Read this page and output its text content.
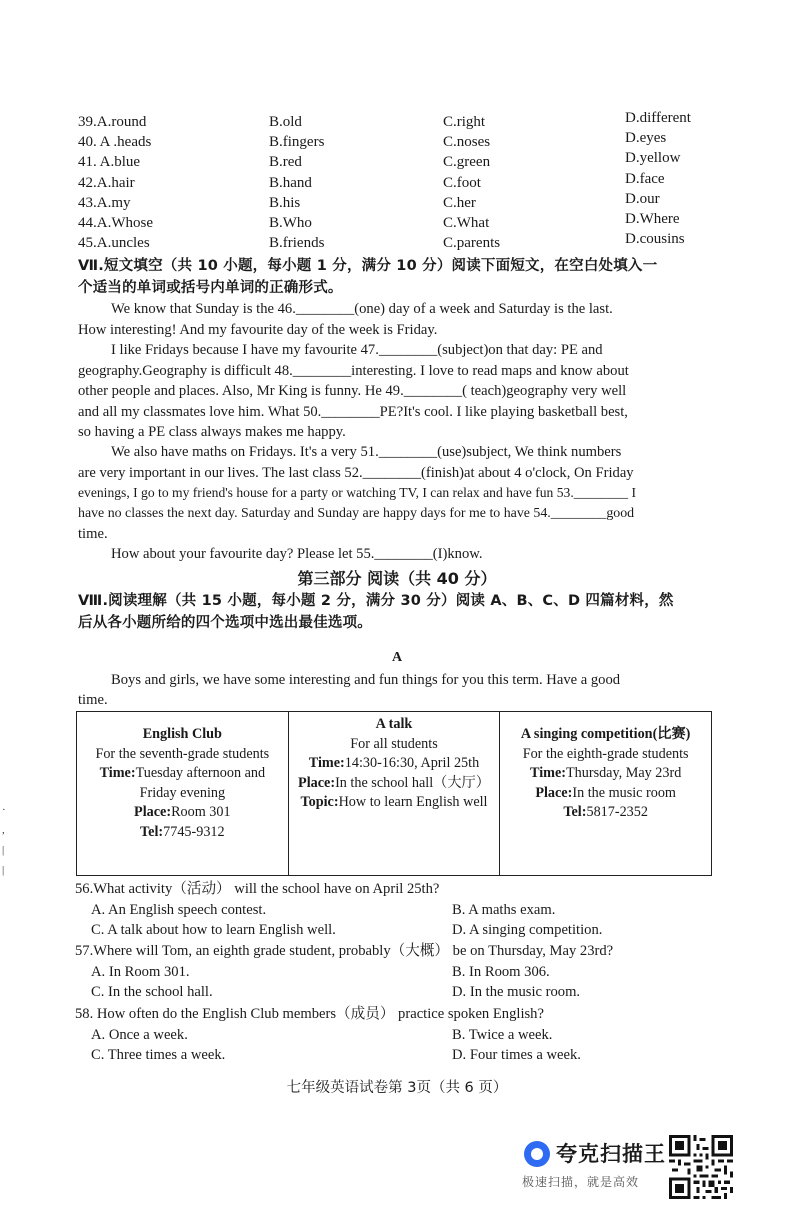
39.A.round	B.old	C.right	D.different
40. A .heads	B.fingers	C.noses	D.eyes
41. A.blue	B.red	C.green	D.yellow
42.A.hair	B.hand	C.foot	D.face
43.A.my	B.his	C.her	D.our
44.A.Whose	B.Who	C.What	D.Where
45.A.uncles	B.friends	C.parents	D.cousins
Ⅶ.短文填空（共 10 小题，每小题 1 分，满分 10 分）阅读下面短文，在空白处填入一
个适当的单词或括号内单词的正确形式。
We know that Sunday is the 46.________(one) day of a week and Saturday is the last.
How interesting! And my favourite day of the week is Friday.
I like Fridays because I have my favourite 47.________(subject)on that day: PE and
geography.Geography is difficult 48.________interesting. I love to read maps and know about
other people and places. Also, Mr King is funny. He 49.________( teach)geography very well
and all my classmates love him. What 50.________PE?It's cool. I like playing basketball best,
so having a PE class always makes me happy.
We also have maths on Fridays. It's a very 51.________(use)subject, We think numbers
are very important in our lives. The last class 52.________(finish)at about 4 o'clock, On Friday
evenings, I go to my friend's house for a party or watching TV, I can relax and have fun 53.________ I
have no classes the next day. Saturday and Sunday are happy days for me to have 54.________good
time.
How about your favourite day? Please let 55.________(I)know.
第三部分 阅读（共 40 分）
Ⅷ.阅读理解（共 15 小题，每小题 2 分，满分 30 分）阅读 A、B、C、D 四篇材料，然
后从各小题所给的四个选项中选出最佳选项。
A
Boys and girls, we have some interesting and fun things for you this term. Have a good
time.
English Club
For the seventh-grade students
Time:Tuesday afternoon and Friday evening
Place:Room 301
Tel:7745-9312

A talk
For all students
Time:14:30-16:30, April 25th
Place:In the school hall（大厅）
Topic:How to learn English well

A singing competition(比赛)
For the eighth-grade students
Time:Thursday, May 23rd
Place:In the music room
Tel:5817-2352
56.What activity（活动） will the school have on April 25th?
A. An English speech contest.	B. A maths exam.
C. A talk about how to learn English well.	D. A singing competition.
57.Where will Tom, an eighth grade student, probably（大概） be on Thursday, May 23rd?
A. In Room 301.	B. In Room 306.
C. In the school hall.	D. In the music room.
58. How often do the English Club members（成员） practice spoken English?
A. Once a week.	B. Twice a week.
C. Three times a week.	D. Four times a week.
七年级英语试卷第 3页（共 6 页）
·
,
|
|
夸克扫描王
极速扫描，就是高效
